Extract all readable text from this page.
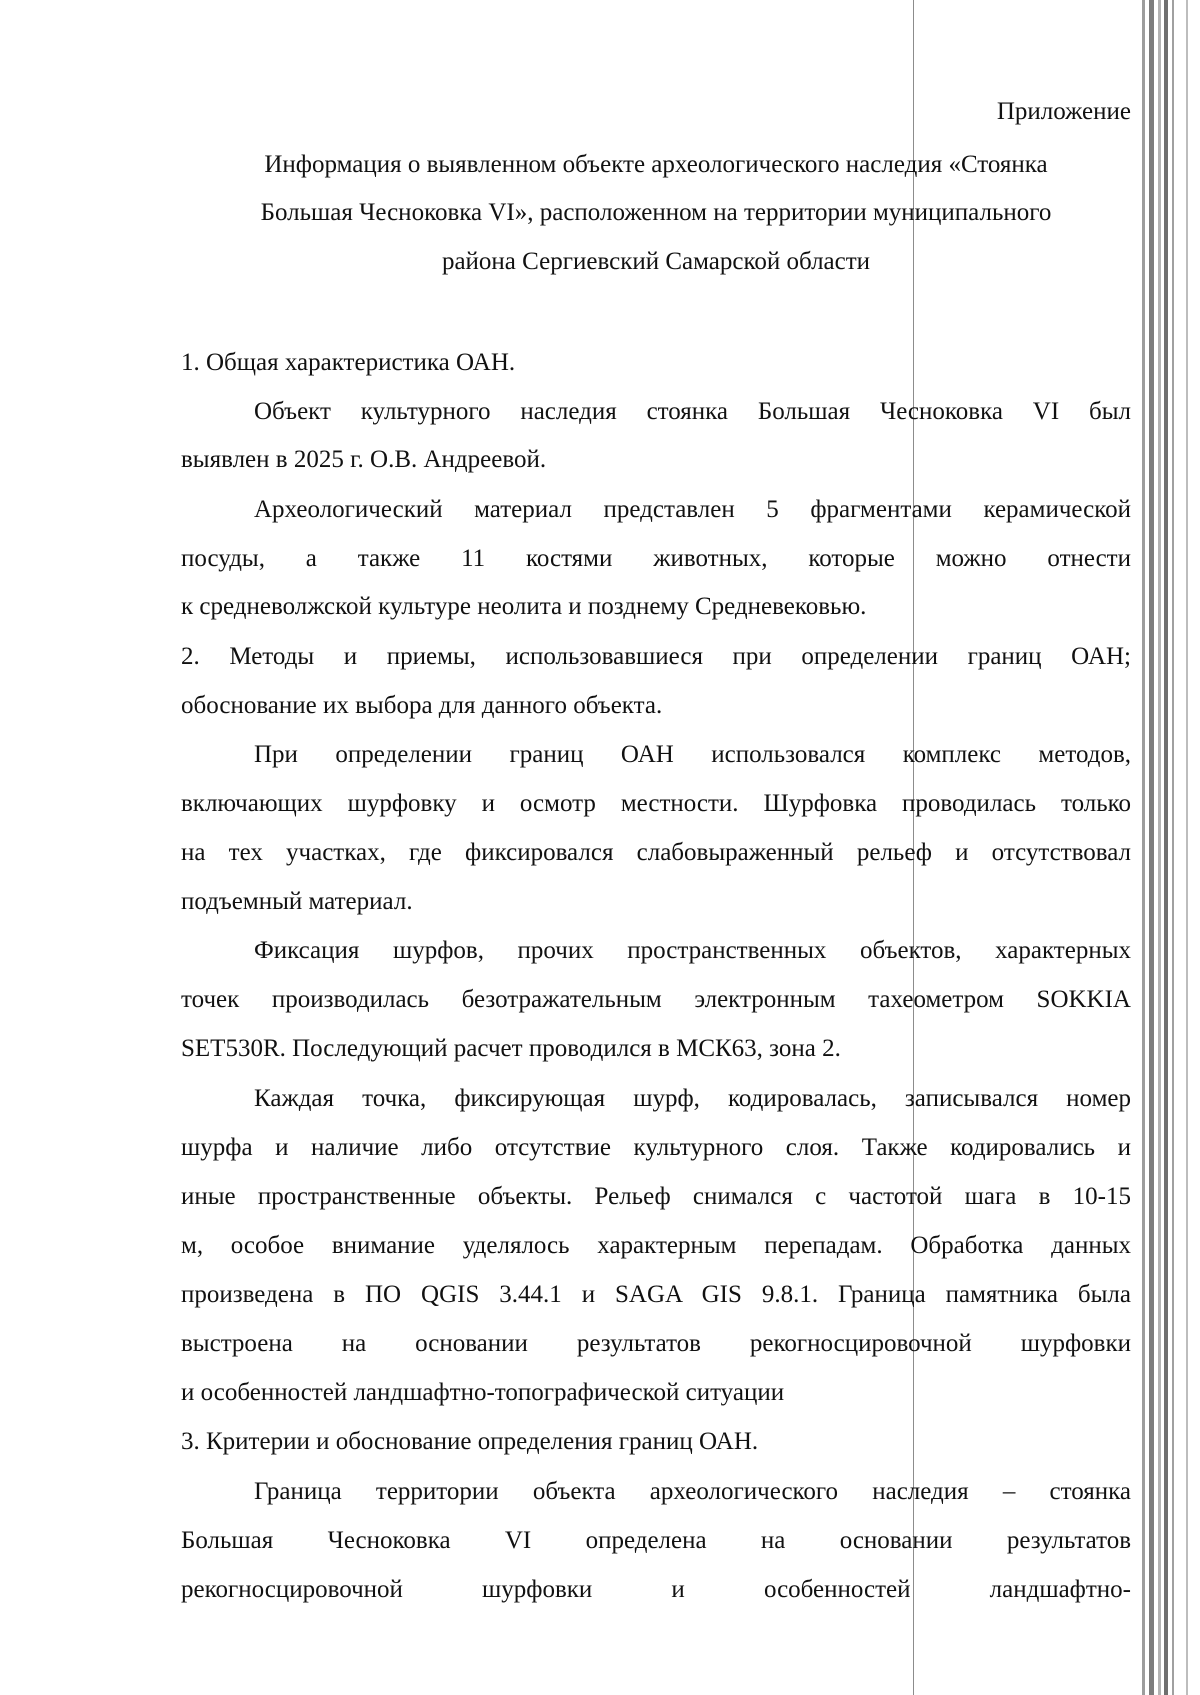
Приложение
Информация о выявленном объекте археологического наследия «Стоянка
Большая Чесноковка VI», расположенном на территории муниципального
района Сергиевский Самарской области
1. Общая характеристика ОАН.
Объект культурного наследия стоянка Большая Чесноковка VI был
выявлен в 2025 г. О.В. Андреевой.
Археологический материал представлен 5 фрагментами керамической
посуды, а также 11 костями животных, которые можно отнести
к средневолжской культуре неолита и позднему Средневековью.
2. Методы и приемы, использовавшиеся при определении границ ОАН;
обоснование их выбора для данного объекта.
При определении границ ОАН использовался комплекс методов,
включающих шурфовку и осмотр местности. Шурфовка проводилась только
на тех участках, где фиксировался слабовыраженный рельеф и отсутствовал
подъемный материал.
Фиксация шурфов, прочих пространственных объектов, характерных
точек производилась безотражательным электронным тахеометром SOKKIA
SET530R. Последующий расчет проводился в МСК63, зона 2.
Каждая точка, фиксирующая шурф, кодировалась, записывался номер
шурфа и наличие либо отсутствие культурного слоя. Также кодировались и
иные пространственные объекты. Рельеф снимался с частотой шага в 10-15
м, особое внимание уделялось характерным перепадам. Обработка данных
произведена в ПО QGIS 3.44.1 и SAGA GIS 9.8.1. Граница памятника была
выстроена на основании результатов рекогносцировочной шурфовки
и особенностей ландшафтно-топографической ситуации
3. Критерии и обоснование определения границ ОАН.
Граница территории объекта археологического наследия – стоянка
Большая Чесноковка VI определена на основании результатов
рекогносцировочной шурфовки и особенностей ландшафтно-
